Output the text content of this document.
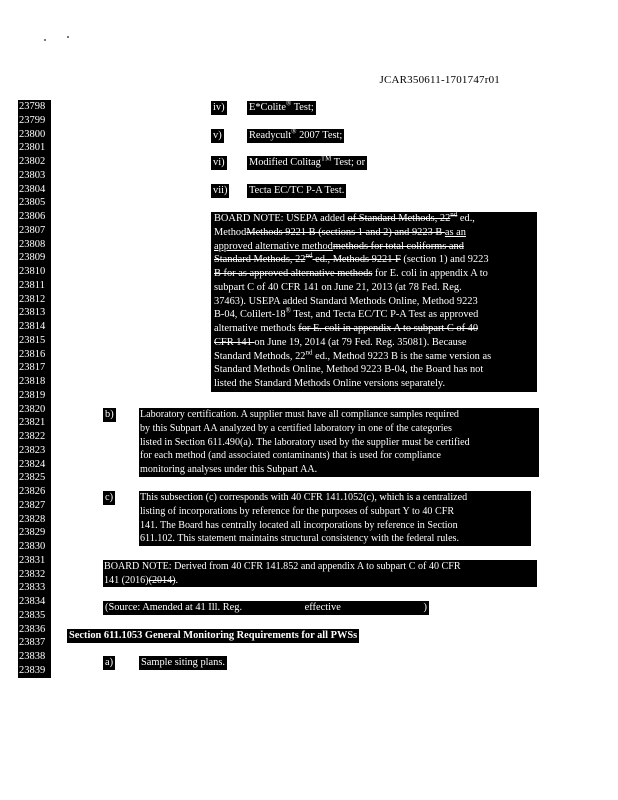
JCAR350611-1701747r01
23798
23799
23800
23801
23802
23803
23804
23805
23806
23807
23808
23809
23810
23811
23812
23813
23814
23815
23816
23817
23818
23819
23820
23821
23822
23823
23824
23825
23826
23827
23828
23829
23830
23831
23832
23833
23834
23835
23836
23837
23838
23839
iv) E*Colite® Test;
v)	Readycult® 2007 Test;
vi) Modified Colitag™ Test; or
vii) Tecta EC/TC P-A Test.
BOARD NOTE: USEPA added of Standard Methods, 22nd ed.,
MethodMethods 9221 B (sections 1 and 2) and 9223 B as an
approved alternative methodmethods for total coliforms and
Standard Methods, 22nd ed., Methods 9221 F (section 1) and 9223
B for as approved alternative methods for E. coli in appendix A to
subpart C of 40 CFR 141 on June 21, 2013 (at 78 Fed. Reg.
37463). USEPA added Standard Methods Online, Method 9223
B-04, Colilert-18® Test, and Tecta EC/TC P-A Test as approved
alternative methods for E. coli in appendix A to subpart C of 40
CFR 141 on June 19, 2014 (at 79 Fed. Reg. 35081). Because
Standard Methods, 22nd ed., Method 9223 B is the same version as
Standard Methods Online, Method 9223 B-04, the Board has not
listed the Standard Methods Online versions separately.
b)	Laboratory certification. A supplier must have all compliance samples required
by this Subpart AA analyzed by a certified laboratory in one of the categories
listed in Section 611.490(a). The laboratory used by the supplier must be certified
for each method (and associated contaminants) that is used for compliance
monitoring analyses under this Subpart AA.
c)	This subsection (c) corresponds with 40 CFR 141.1052(c), which is a centralized
listing of incorporations by reference for the purposes of subpart Y to 40 CFR
141. The Board has centrally located all incorporations by reference in Section
611.102. This statement maintains structural consistency with the federal rules.
BOARD NOTE: Derived from 40 CFR 141.852 and appendix A to subpart C of 40 CFR
141 (2016)(2014).
(Source: Amended at 41 Ill. Reg.	effective	)
Section 611.1053 General Monitoring Requirements for all PWSs
a)	Sample siting plans.
